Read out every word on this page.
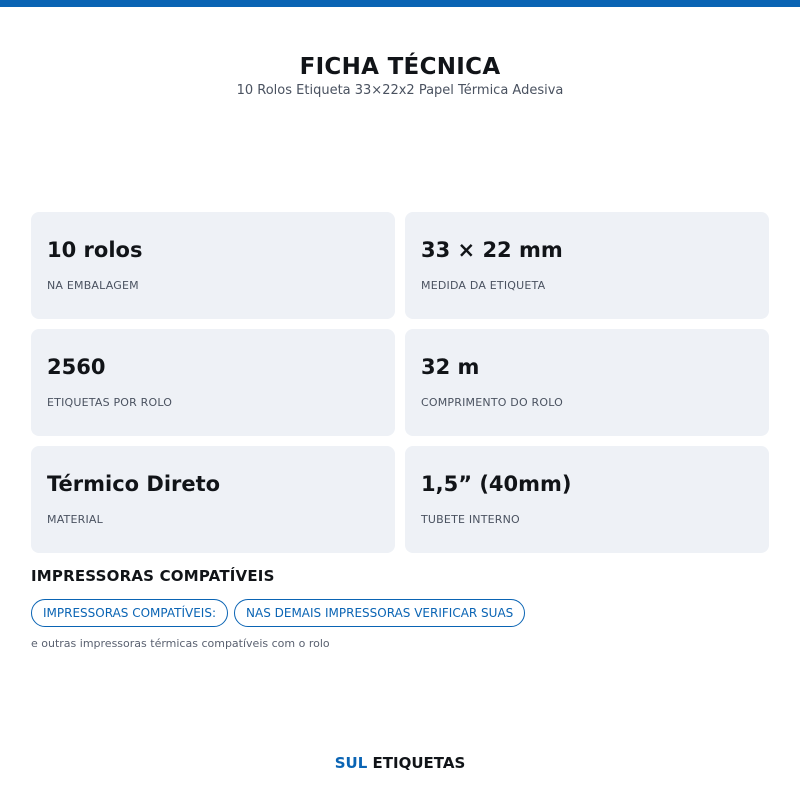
FICHA TÉCNICA
10 Rolos Etiqueta 33×22x2 Papel Térmica Adesiva
10 rolos
NA EMBALAGEM
33 × 22 mm
MEDIDA DA ETIQUETA
2560
ETIQUETAS POR ROLO
32 m
COMPRIMENTO DO ROLO
Térmico Direto
MATERIAL
1,5” (40mm)
TUBETE INTERNO
IMPRESSORAS COMPATÍVEIS
IMPRESSORAS COMPATÍVEIS:	NAS DEMAIS IMPRESSORAS VERIFICAR SUAS
e outras impressoras térmicas compatíveis com o rolo
SUL ETIQUETAS
